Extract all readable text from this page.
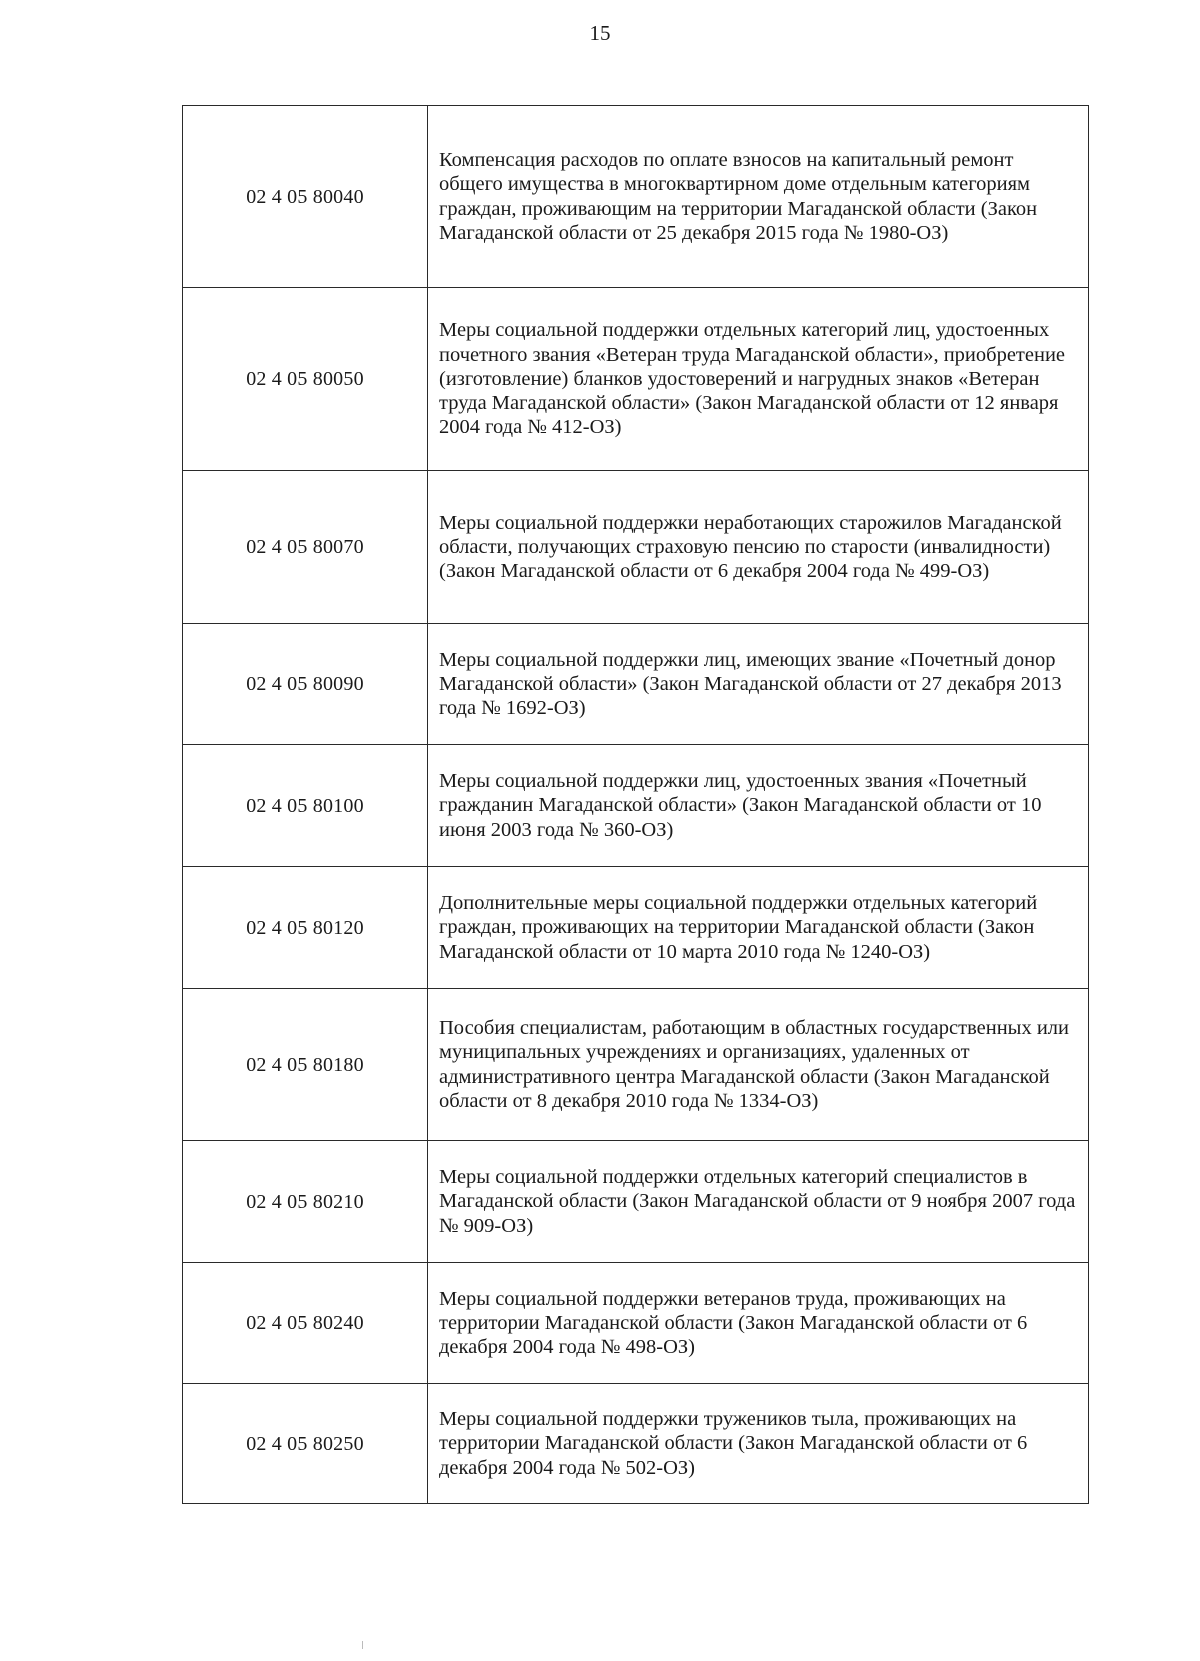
15
02 4 05 80040	Компенсация расходов по оплате взносов на капитальный ремонт общего имущества в многоквартирном доме отдельным категориям граждан, проживающим на территории Магаданской области (Закон Магаданской области от 25 декабря 2015 года № 1980-ОЗ)
02 4 05 80050	Меры социальной поддержки отдельных категорий лиц, удостоенных почетного звания «Ветеран труда Магаданской области», приобретение (изготовление) бланков удостоверений и нагрудных знаков «Ветеран труда Магаданской области» (Закон Магаданской области от 12 января 2004 года № 412-ОЗ)
02 4 05 80070	Меры социальной поддержки неработающих старожилов Магаданской области, получающих страховую пенсию по старости (инвалидности) (Закон Магаданской области от 6 декабря 2004 года № 499-ОЗ)
02 4 05 80090	Меры социальной поддержки лиц, имеющих звание «Почетный донор Магаданской области» (Закон Магаданской области от 27 декабря 2013 года № 1692-ОЗ)
02 4 05 80100	Меры социальной поддержки лиц, удостоенных звания «Почетный гражданин Магаданской области» (Закон Магаданской области от 10 июня 2003 года № 360-ОЗ)
02 4 05 80120	Дополнительные меры социальной поддержки отдельных категорий граждан, проживающих на территории Магаданской области (Закон Магаданской области от 10 марта 2010 года № 1240-ОЗ)
02 4 05 80180	Пособия специалистам, работающим в областных государственных или муниципальных учреждениях и организациях, удаленных от административного центра Магаданской области (Закон Магаданской области от 8 декабря 2010 года № 1334-ОЗ)
02 4 05 80210	Меры социальной поддержки отдельных категорий специалистов в Магаданской области (Закон Магаданской области от 9 ноября 2007 года № 909-ОЗ)
02 4 05 80240	Меры социальной поддержки ветеранов труда, проживающих на территории Магаданской области (Закон Магаданской области от 6 декабря 2004 года № 498-ОЗ)
02 4 05 80250	Меры социальной поддержки тружеников тыла, проживающих на территории Магаданской области (Закон Магаданской области от 6 декабря 2004 года № 502-ОЗ)
